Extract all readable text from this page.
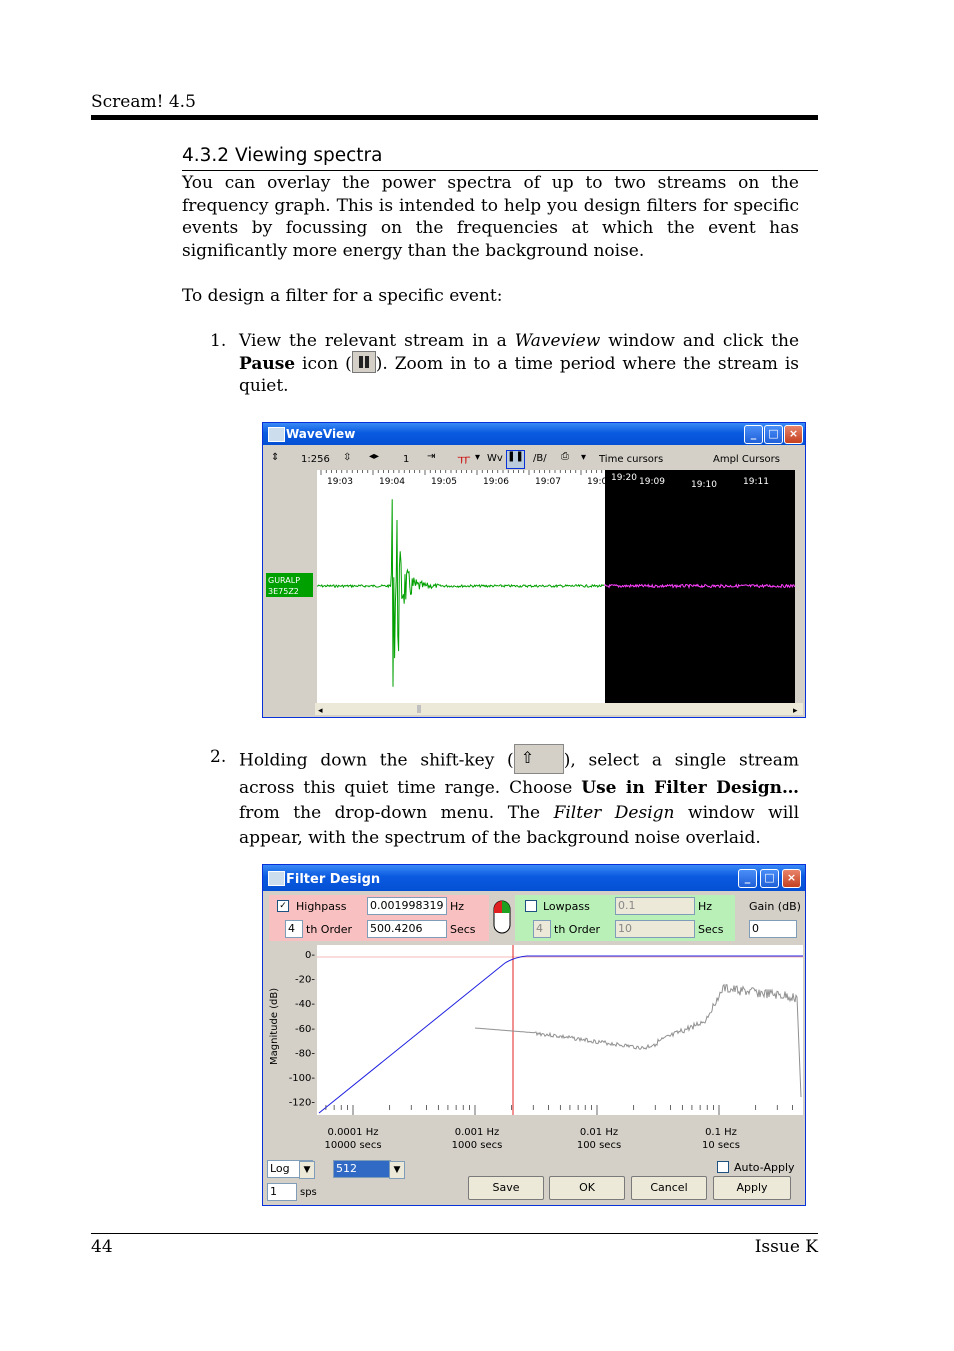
Scream! 4.5
4.3.2 Viewing spectra
You can overlay the power spectra of up to two streams on the frequency graph. This is intended to help you design filters for specific events by focussing on the frequencies at which the event has significantly more energy than the background noise.
To design a filter for a specific event:
1. View the relevant stream in a Waveview window and click the Pause icon ( ). Zoom in to a time period where the stream is quiet.
WaveView	_	□ ×
⇕ 1:256 ⇳ ◂▸ 1 ⇥ ㅠ ▾ Wv ❚❚ /B/ ⎙ ▾ Time cursors	Ampl Cursors
19:03	19:04	19:05	19:06	19:07	19:08	19:09	19:10	19:11
19:20
GURALP
3E75Z2
◂	▸
2. Holding down the shift-key ( ⇧ ), select a single stream across this quiet time range. Choose Use in Filter Design… from the drop-down menu. The Filter Design window will appear, with the spectrum of the background noise overlaid.
Filter Design	_	□	×
✓ Highpass 0.001998319 Hz
4	th Order 500.4206	Secs
Lowpass	0.1	Hz
4	th Order 10	Secs
Gain (dB)
0
Magnitude (dB)
0-
-20-
-40-
-60-
-80-
-100-
-120-
0.0001 Hz
10000 secs
0.001 Hz
1000 secs
0.01 Hz
100 secs
0.1 Hz
10 secs
Log	▼	512	▼
1	sps
Auto-Apply
Save	OK	Cancel	Apply
44	Issue K
